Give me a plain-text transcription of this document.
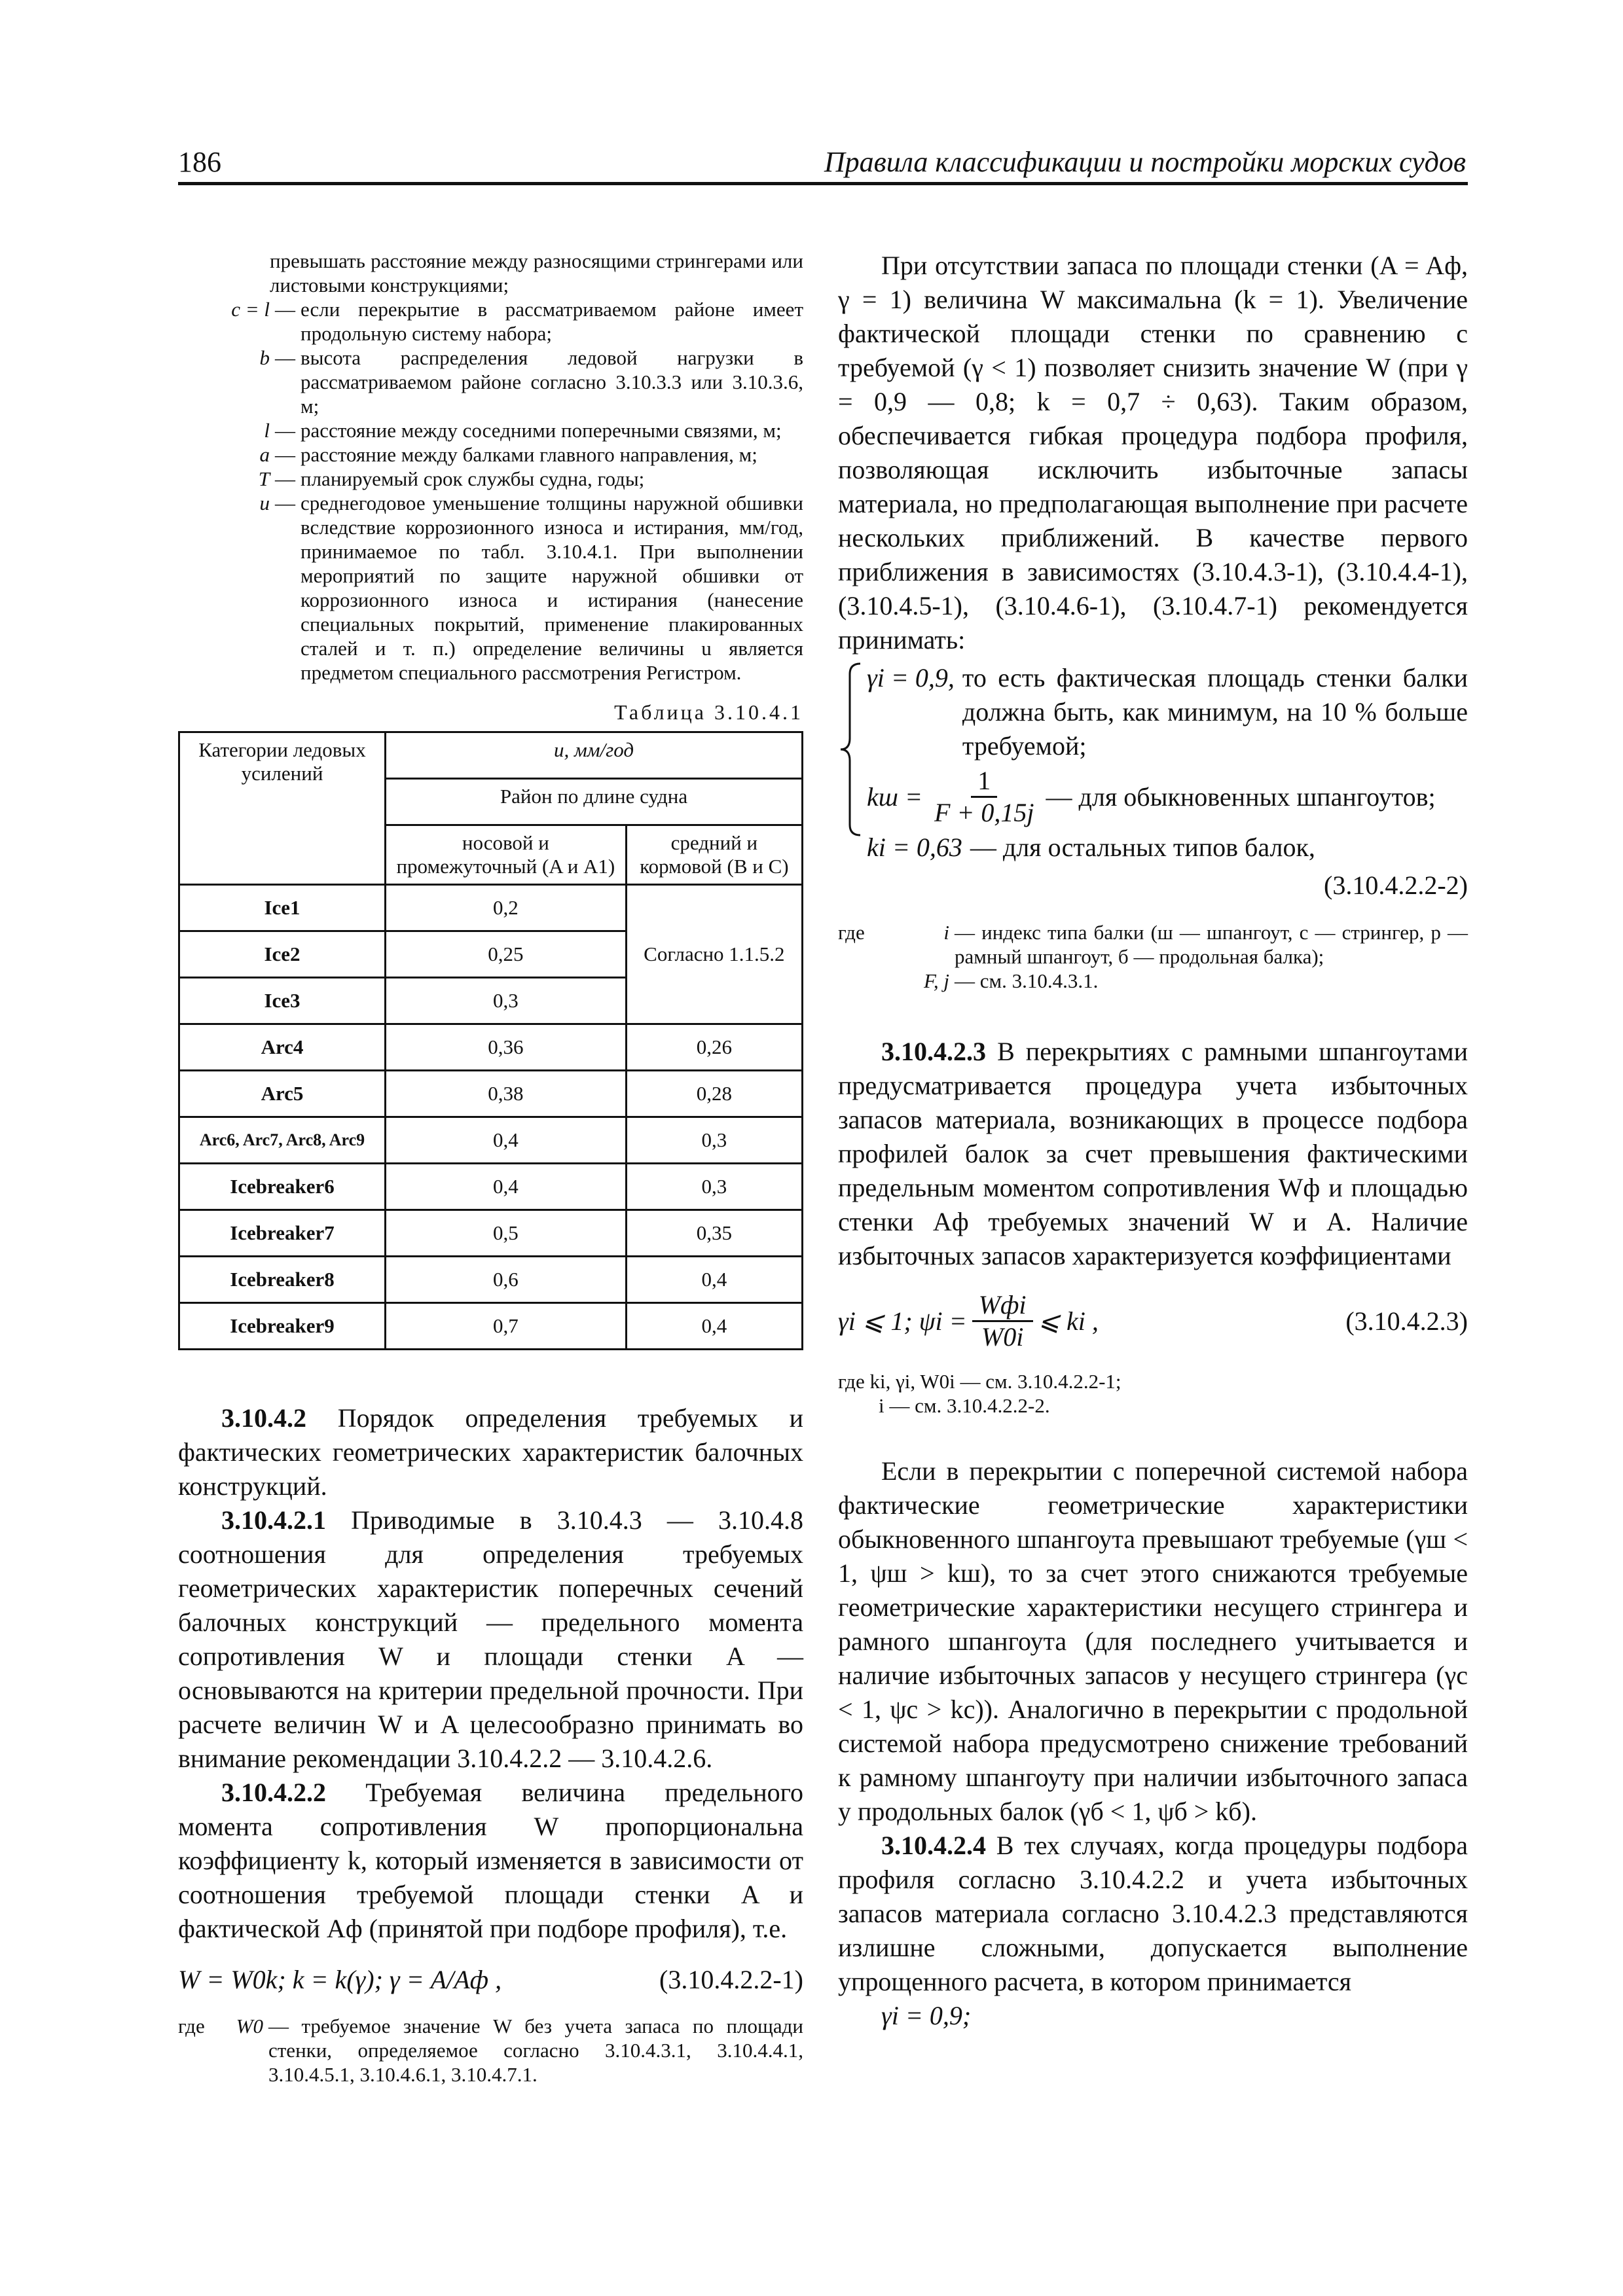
186	Правила классификации и постройки морских судов
превышать расстояние между разносящими стрингерами или листовыми конструкциями;
c = l — если перекрытие в рассматриваемом районе имеет продольную систему набора;
b — высота распределения ледовой нагрузки в рассматриваемом районе согласно 3.10.3.3 или 3.10.3.6, м;
l — расстояние между соседними поперечными связями, м;
a — расстояние между балками главного направления, м;
T — планируемый срок службы судна, годы;
u — среднегодовое уменьшение толщины наружной обшивки вследствие коррозионного износа и истирания, мм/год, принимаемое по табл. 3.10.4.1. При выполнении мероприятий по защите наружной обшивки от коррозионного износа и истирания (нанесение специальных покрытий, применение плакированных сталей и т. п.) определение величины u является предметом специального рассмотрения Регистром.
Таблица 3.10.4.1
Категории ледовых усилений	u, мм/год	
	Район по длине судна	
	носовой и промежуточный (A и A1)	средний и кормовой (B и C)
Ice1	0,2	Согласно 1.1.5.2
Ice2	0,25	
Ice3	0,3	
Arc4	0,36	0,26
Arc5	0,38	0,28
Arc6, Arc7, Arc8, Arc9	0,4	0,3
Icebreaker6	0,4	0,3
Icebreaker7	0,5	0,35
Icebreaker8	0,6	0,4
Icebreaker9	0,7	0,4

3.10.4.2 Порядок определения требуемых и фактических геометрических характеристик балочных конструкций.

3.10.4.2.1 Приводимые в 3.10.4.3 — 3.10.4.8 соотношения для определения требуемых геометрических характеристик поперечных сечений балочных конструкций — предельного момента сопротивления W и площади стенки A — основываются на критерии предельной прочности. При расчете величин W и A целесообразно принимать во внимание рекомендации 3.10.4.2.2 — 3.10.4.2.6.

3.10.4.2.2 Требуемая величина предельного момента сопротивления W пропорциональна коэффициенту k, который изменяется в зависимости от соотношения требуемой площади стенки A и фактической Aф (принятой при подборе профиля), т.е.

W = W0k; k = k(γ); γ = A/Aф ,	(3.10.4.2.2-1)
где	W0 — требуемое значение W без учета запаса по площади стенки, определяемое согласно 3.10.4.3.1, 3.10.4.4.1, 3.10.4.5.1, 3.10.4.6.1, 3.10.4.7.1.

При отсутствии запаса по площади стенки (A = Aф, γ = 1) величина W максимальна (k = 1). Увеличение фактической площади стенки по сравнению с требуемой (γ < 1) позволяет снизить значение W (при γ = 0,9 — 0,8; k = 0,7 ÷ 0,63). Таким образом, обеспечивается гибкая процедура подбора профиля, позволяющая исключить избыточные запасы материала, но предполагающая выполнение при расчете нескольких приближений. В качестве первого приближения в зависимостях (3.10.4.3-1), (3.10.4.4-1), (3.10.4.5-1), (3.10.4.6-1), (3.10.4.7-1) рекомендуется принимать:

γi = 0,9, то есть фактическая площадь стенки балки должна быть, как минимум, на 10 % больше требуемой;
kш = $\frac{1}{F + 0,15j}$ — для обыкновенных шпангоутов;
ki = 0,63 — для остальных типов балок,
(3.10.4.2.2-2)
где	i — индекс типа балки (ш — шпангоут, с — стрингер, р — рамный шпангоут, б — продольная балка);
F, j — см. 3.10.4.3.1.

3.10.4.2.3 В перекрытиях с рамными шпангоутами предусматривается процедура учета избыточных запасов материала, возникающих в процессе подбора профилей балок за счет превышения фактическими предельным моментом сопротивления Wф и площадью стенки Aф требуемых значений W и A. Наличие избыточных запасов характеризуется коэффициентами

γi ⩽ 1; $\psi i = \frac{\text{Wфi}}{W0i}$ ⩽ ki ,	(3.10.4.2.3)
где ki, γi, W0i — см. 3.10.4.2.2-1;
i — см. 3.10.4.2.2-2.

Если в перекрытии с поперечной системой набора фактические геометрические характеристики обыкновенного шпангоута превышают требуемые (γш < 1, ψш > kш), то за счет этого снижаются требуемые геометрические характеристики несущего стрингера и рамного шпангоута (для последнего учитывается и наличие избыточных запасов у несущего стрингера (γс < 1, ψс > kс)). Аналогично в перекрытии с продольной системой набора предусмотрено снижение требований к рамному шпангоуту при наличии избыточного запаса у продольных балок (γб < 1, ψб > kб).

3.10.4.2.4 В тех случаях, когда процедуры подбора профиля согласно 3.10.4.2.2 и учета избыточных запасов материала согласно 3.10.4.2.3 представляются излишне сложными, допускается выполнение упрощенного расчета, в котором принимается

γi = 0,9;
